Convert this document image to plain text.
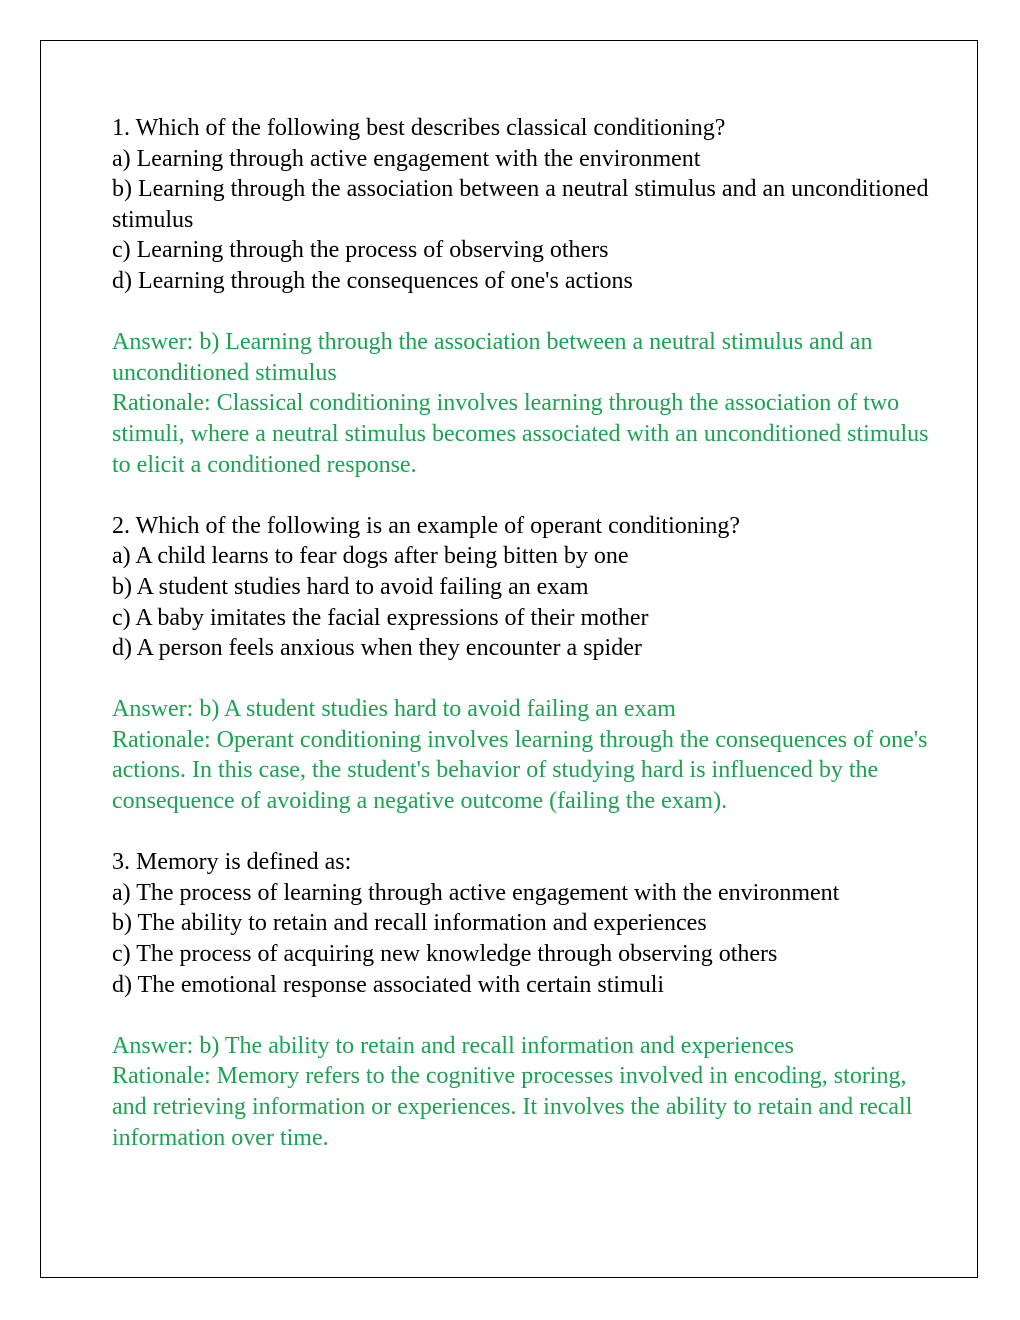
1. Which of the following best describes classical conditioning?
a) Learning through active engagement with the environment
b) Learning through the association between a neutral stimulus and an unconditioned stimulus
c) Learning through the process of observing others
d) Learning through the consequences of one's actions
Answer: b) Learning through the association between a neutral stimulus and an unconditioned stimulus
Rationale: Classical conditioning involves learning through the association of two stimuli, where a neutral stimulus becomes associated with an unconditioned stimulus to elicit a conditioned response.
2. Which of the following is an example of operant conditioning?
a) A child learns to fear dogs after being bitten by one
b) A student studies hard to avoid failing an exam
c) A baby imitates the facial expressions of their mother
d) A person feels anxious when they encounter a spider
Answer: b) A student studies hard to avoid failing an exam
Rationale: Operant conditioning involves learning through the consequences of one's actions. In this case, the student's behavior of studying hard is influenced by the consequence of avoiding a negative outcome (failing the exam).
3. Memory is defined as:
a) The process of learning through active engagement with the environment
b) The ability to retain and recall information and experiences
c) The process of acquiring new knowledge through observing others
d) The emotional response associated with certain stimuli
Answer: b) The ability to retain and recall information and experiences
Rationale: Memory refers to the cognitive processes involved in encoding, storing, and retrieving information or experiences. It involves the ability to retain and recall information over time.
